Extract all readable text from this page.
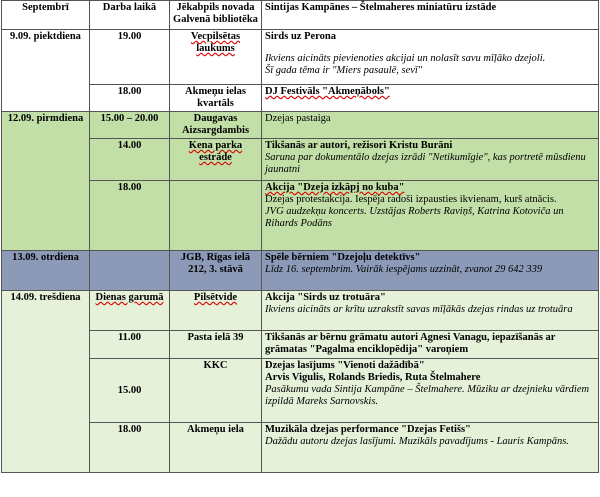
Septembrī	Darba laikā	Jēkabpils novada Galvenā bibliotēka	Sintijas Kampānes – Štelmaheres miniatūru izstāde
9.09. piektdiena	19.00	Vecpilsētas laukums	Sirds uz Perona
Ikviens aicināts pievienoties akcijai un nolasīt savu mīļāko dzejoli.
Šī gada tēma ir "Miers pasaulē, sevī"

	18.00	Akmeņu ielas kvartāls	DJ Festivāls "Akmeņābols"

12.09. pirmdiena	15.00 – 20.00	Daugavas Aizsargdambis	Dzejas pastaiga

	14.00	Kena parka estrāde	Tikšanās ar autori, režisori Kristu Burāni
Saruna par dokumentālo dzejas izrādi "Netikumīgie", kas portretē mūsdienu jaunatni

	18.00		Akcija "Dzeja izkāpj no kuba"
Dzejas protestakcija. Iespēja radoši izpausties ikvienam, kurš atnācis.
JVG audzekņu koncerts. Uzstājas Roberts Raviņš, Katrina Kotoviča un Rihards Podāns

13.09. otrdiena		JGB, Rīgas ielā 212, 3. stāvā	Spēle bērniem "Dzejoļu detektīvs"
Līdz 16. septembrim. Vairāk iespējams uzzināt, zvanot 29 642 339

14.09. trešdiena	Dienas garumā	Pilsētvide	Akcija "Sirds uz trotuāra"
Ikviens aicināts ar krītu uzrakstīt savas mīļākās dzejas rindas uz trotuāra

	11.00	Pasta ielā 39	Tikšanās ar bērnu grāmatu autori Agnesi Vanagu, iepazīšanās ar grāmatas "Pagalma enciklopēdija" varoņiem

	15.00	KKC	Dzejas lasījums "Vienoti dažādībā"
Arvis Vigulis, Rolands Briedis, Ruta Štelmahere
Pasākumu vada Sintija Kampāne – Štelmahere. Mūziku ar dzejnieku vārdiem izpildā Mareks Sarnovskis.

	18.00	Akmeņu iela	Muzikāla dzejas performance "Dzejas Fetišs"
Dažādu autoru dzejas lasījumi. Muzikāls pavadījums - Lauris Kampāns.
